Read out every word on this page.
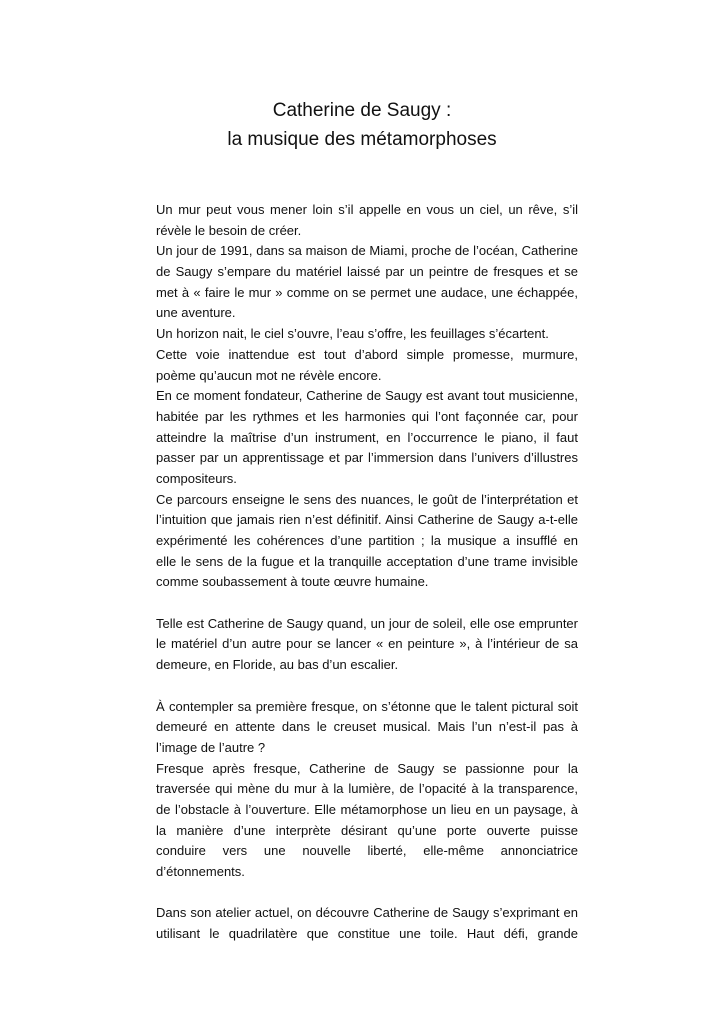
Catherine de Saugy :
la musique des métamorphoses
Un mur peut vous mener loin s’il appelle en vous un ciel, un rêve, s’il
révèle le besoin de créer.
Un jour de 1991, dans sa maison de Miami, proche de l’océan, Catherine
de Saugy s’empare du matériel laissé par un peintre de fresques et se
met à « faire le mur » comme on se permet une audace, une échappée,
une aventure.
Un horizon nait, le ciel s’ouvre, l’eau s’offre, les feuillages s’écartent.
Cette voie inattendue est tout d’abord simple promesse, murmure,
poème qu’aucun mot ne révèle encore.
En ce moment fondateur, Catherine de Saugy est avant tout musicienne,
habitée par les rythmes et les harmonies qui l’ont façonnée car, pour
atteindre la maîtrise d’un instrument, en l’occurrence le piano, il faut
passer par un apprentissage et par l’immersion dans l’univers d’illustres
compositeurs.
Ce parcours enseigne le sens des nuances, le goût de l’interprétation et
l’intuition que jamais rien n’est définitif. Ainsi Catherine de Saugy a-t-elle
expérimenté les cohérences d’une partition ; la musique a insufflé en
elle le sens de la fugue et la tranquille acceptation d’une trame invisible
comme soubassement à toute œuvre humaine.
Telle est Catherine de Saugy quand, un jour de soleil, elle ose emprunter
le matériel d’un autre pour se lancer « en peinture », à l’intérieur de sa
demeure, en Floride, au bas d’un escalier.
À contempler sa première fresque, on s’étonne que le talent pictural soit
demeuré en attente dans le creuset musical. Mais l’un n’est-il pas à
l’image de l’autre ?
Fresque après fresque, Catherine de Saugy se passionne pour la
traversée qui mène du mur à la lumière, de l’opacité à la transparence,
de l’obstacle à l’ouverture. Elle métamorphose un lieu en un paysage, à
la manière d’une interprète désirant qu’une porte ouverte puisse
conduire vers une nouvelle liberté, elle-même annonciatrice
d’étonnements.
Dans son atelier actuel, on découvre Catherine de Saugy s’exprimant en
utilisant le quadrilatère que constitue une toile. Haut défi, grande
